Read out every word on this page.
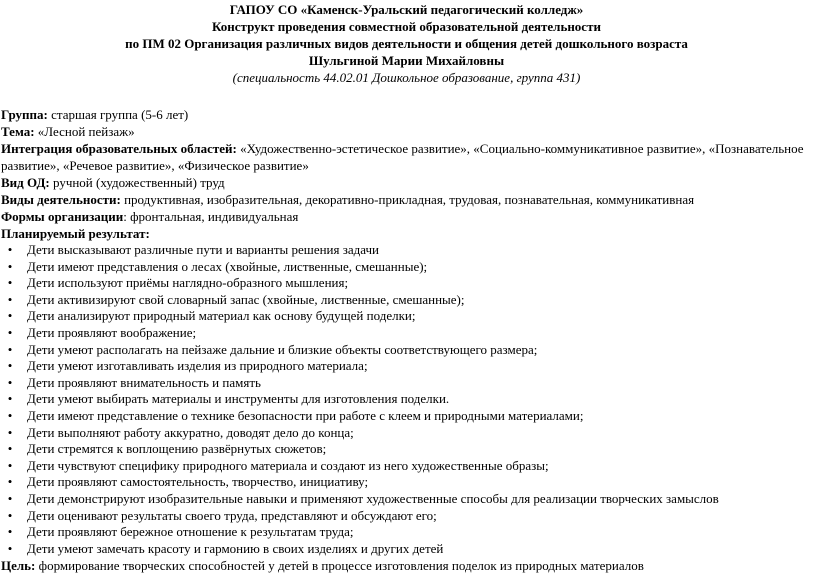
ГАПОУ СО «Каменск-Уральский педагогический колледж»
Конструкт проведения совместной образовательной деятельности
по ПМ 02 Организация различных видов деятельности и общения детей дошкольного возраста
Шульгиной Марии Михайловны
(специальность 44.02.01 Дошкольное образование, группа 431)
Группа: старшая группа (5-6 лет)
Тема: «Лесной пейзаж»
Интеграция образовательных областей: «Художественно-эстетическое развитие», «Социально-коммуникативное развитие», «Познавательное развитие», «Речевое развитие», «Физическое развитие»
Вид ОД: ручной (художественный) труд
Виды деятельности: продуктивная, изобразительная, декоративно-прикладная, трудовая, познавательная, коммуникативная
Формы организации: фронтальная, индивидуальная
Планируемый результат:
• Дети высказывают различные пути и варианты решения задачи
• Дети имеют представления о лесах (хвойные, лиственные, смешанные);
• Дети используют приёмы наглядно-образного мышления;
• Дети активизируют свой словарный запас (хвойные, лиственные, смешанные);
• Дети анализируют природный материал как основу будущей поделки;
• Дети проявляют воображение;
• Дети умеют располагать на пейзаже дальние и близкие объекты соответствующего размера;
• Дети умеют изготавливать изделия из природного материала;
• Дети проявляют внимательность и память
• Дети умеют выбирать материалы и инструменты для изготовления поделки.
• Дети имеют представление о технике безопасности при работе с клеем и природными материалами;
• Дети выполняют работу аккуратно, доводят дело до конца;
• Дети стремятся к воплощению развёрнутых сюжетов;
• Дети чувствуют специфику природного материала и создают из него художественные образы;
• Дети проявляют самостоятельность, творчество, инициативу;
• Дети демонстрируют изобразительные навыки и применяют художественные способы для реализации творческих замыслов
• Дети оценивают результаты своего труда, представляют и обсуждают его;
• Дети проявляют бережное отношение к результатам труда;
• Дети умеют замечать красоту и гармонию в своих изделиях и других детей
Цель: формирование творческих способностей у детей в процессе изготовления поделок из природных материалов
